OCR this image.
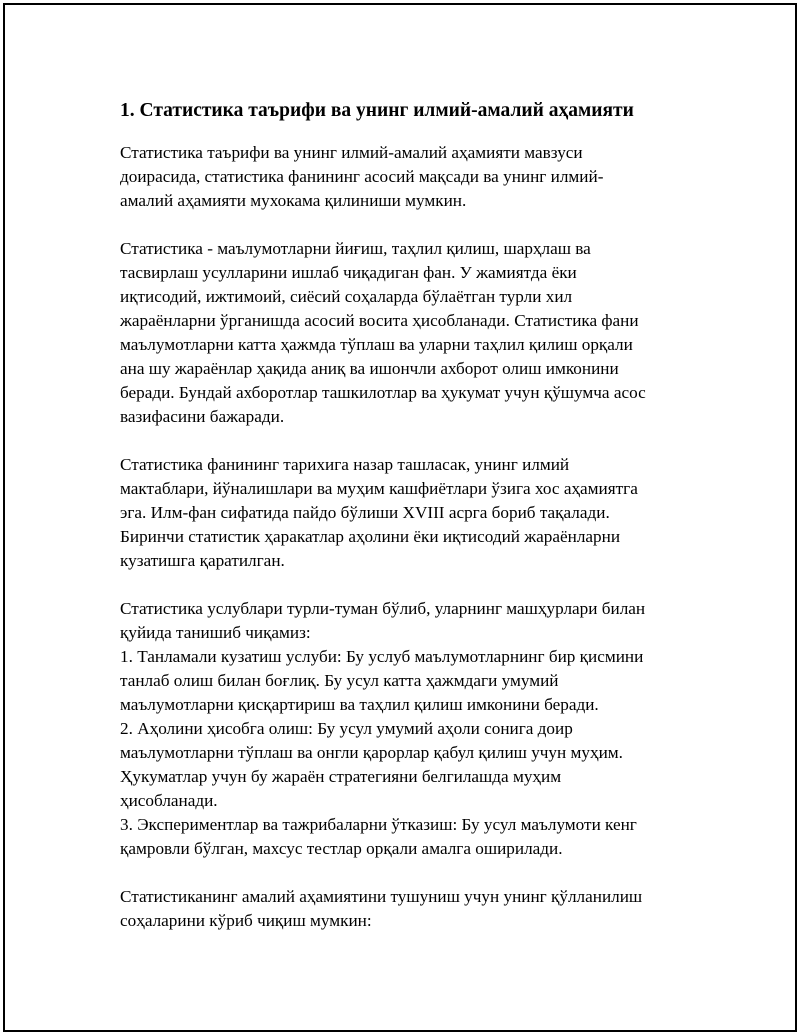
1. Статистика таърифи ва унинг илмий-амалий аҳамияти
Статистика таърифи ва унинг илмий-амалий аҳамияти мавзуси
доирасида, статистика фанининг асосий мақсади ва унинг илмий-
амалий аҳамияти мухокама қилиниши мумкин.
Статистика - маълумотларни йиғиш, таҳлил қилиш, шарҳлаш ва
тасвирлаш усулларини ишлаб чиқадиган фан. У жамиятда ёки
иқтисодий, ижтимоий, сиёсий соҳаларда бўлаётган турли хил
жараёнларни ўрганишда асосий восита ҳисобланади. Статистика фани
маълумотларни катта ҳажмда тўплаш ва уларни таҳлил қилиш орқали
ана шу жараёнлар ҳақида аниқ ва ишончли ахборот олиш имконини
беради. Бундай ахборотлар ташкилотлар ва ҳукумат учун қўшумча асос
вазифасини бажаради.
Статистика фанининг тарихига назар ташласак, унинг илмий
мактаблари, йўналишлари ва муҳим кашфиётлари ўзига хос аҳамиятга
эга. Илм-фан сифатида пайдо бўлиши XVIII асрга бориб тақалади.
Биринчи статистик ҳаракатлар аҳолини ёки иқтисодий жараёнларни
кузатишга қаратилган.
Статистика услублари турли-туман бўлиб, уларнинг машҳурлари билан
қуйида танишиб чиқамиз:
1. Танламали кузатиш услуби: Бу услуб маълумотларнинг бир қисмини
танлаб олиш билан боғлиқ. Бу усул катта ҳажмдаги умумий
маълумотларни қисқартириш ва таҳлил қилиш имконини беради.
2. Аҳолини ҳисобга олиш: Бу усул умумий аҳоли сонига доир
маълумотларни тўплаш ва онгли қарорлар қабул қилиш учун муҳим.
Ҳукуматлар учун бу жараён стратегияни белгилашда муҳим
ҳисобланади.
3. Экспериментлар ва тажрибаларни ўтказиш: Бу усул маълумоти кенг
қамровли бўлган, махсус тестлар орқали амалга оширилади.
Статистиканинг амалий аҳамиятини тушуниш учун унинг қўлланилиш
соҳаларини кўриб чиқиш мумкин:
